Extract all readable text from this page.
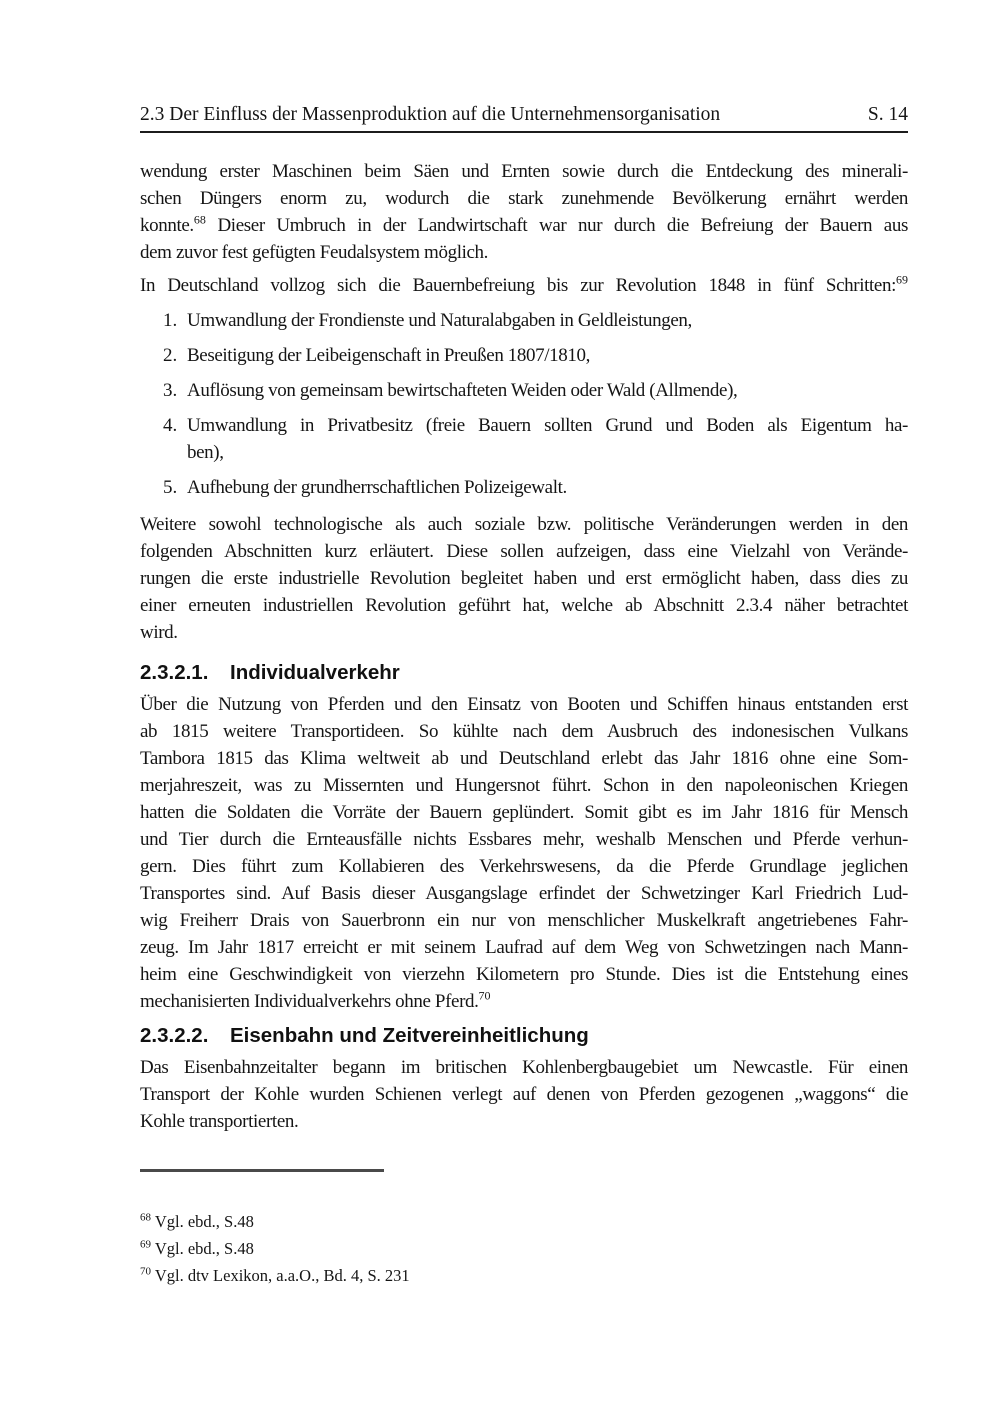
2.3 Der Einfluss der Massenproduktion auf die Unternehmensorganisation	S. 14
wendung erster Maschinen beim Säen und Ernten sowie durch die Entdeckung des minerali-
schen Düngers enorm zu, wodurch die stark zunehmende Bevölkerung ernährt werden
konnte.$^{68}$ Dieser Umbruch in der Landwirtschaft war nur durch die Befreiung der Bauern aus
dem zuvor fest gefügten Feudalsystem möglich.
In Deutschland vollzog sich die Bauernbefreiung bis zur Revolution 1848 in fünf Schritten:$^{69}$
1. Umwandlung der Frondienste und Naturalabgaben in Geldleistungen,
2. Beseitigung der Leibeigenschaft in Preußen 1807/1810,
3. Auflösung von gemeinsam bewirtschafteten Weiden oder Wald (Allmende),
4. Umwandlung in Privatbesitz (freie Bauern sollten Grund und Boden als Eigentum ha-
ben),
5. Aufhebung der grundherrschaftlichen Polizeigewalt.
Weitere sowohl technologische als auch soziale bzw. politische Veränderungen werden in den
folgenden Abschnitten kurz erläutert. Diese sollen aufzeigen, dass eine Vielzahl von Verände-
rungen die erste industrielle Revolution begleitet haben und erst ermöglicht haben, dass dies zu
einer erneuten industriellen Revolution geführt hat, welche ab Abschnitt 2.3.4 näher betrachtet
wird.
2.3.2.1. Individualverkehr
Über die Nutzung von Pferden und den Einsatz von Booten und Schiffen hinaus entstanden erst
ab 1815 weitere Transportideen. So kühlte nach dem Ausbruch des indonesischen Vulkans
Tambora 1815 das Klima weltweit ab und Deutschland erlebt das Jahr 1816 ohne eine Som-
merjahreszeit, was zu Missernten und Hungersnot führt. Schon in den napoleonischen Kriegen
hatten die Soldaten die Vorräte der Bauern geplündert. Somit gibt es im Jahr 1816 für Mensch
und Tier durch die Ernteausfälle nichts Essbares mehr, weshalb Menschen und Pferde verhun-
gern. Dies führt zum Kollabieren des Verkehrswesens, da die Pferde Grundlage jeglichen
Transportes sind. Auf Basis dieser Ausgangslage erfindet der Schwetzinger Karl Friedrich Lud-
wig Freiherr Drais von Sauerbronn ein nur von menschlicher Muskelkraft angetriebenes Fahr-
zeug. Im Jahr 1817 erreicht er mit seinem Laufrad auf dem Weg von Schwetzingen nach Mann-
heim eine Geschwindigkeit von vierzehn Kilometern pro Stunde. Dies ist die Entstehung eines
mechanisierten Individualverkehrs ohne Pferd.$^{70}$
2.3.2.2. Eisenbahn und Zeitvereinheitlichung
Das Eisenbahnzeitalter begann im britischen Kohlenbergbaugebiet um Newcastle. Für einen
Transport der Kohle wurden Schienen verlegt auf denen von Pferden gezogenen „waggons“ die
Kohle transportierten.
$^{68}$ Vgl. ebd., S.48
$^{69}$ Vgl. ebd., S.48
$^{70}$ Vgl. dtv Lexikon, a.a.O., Bd. 4, S. 231
